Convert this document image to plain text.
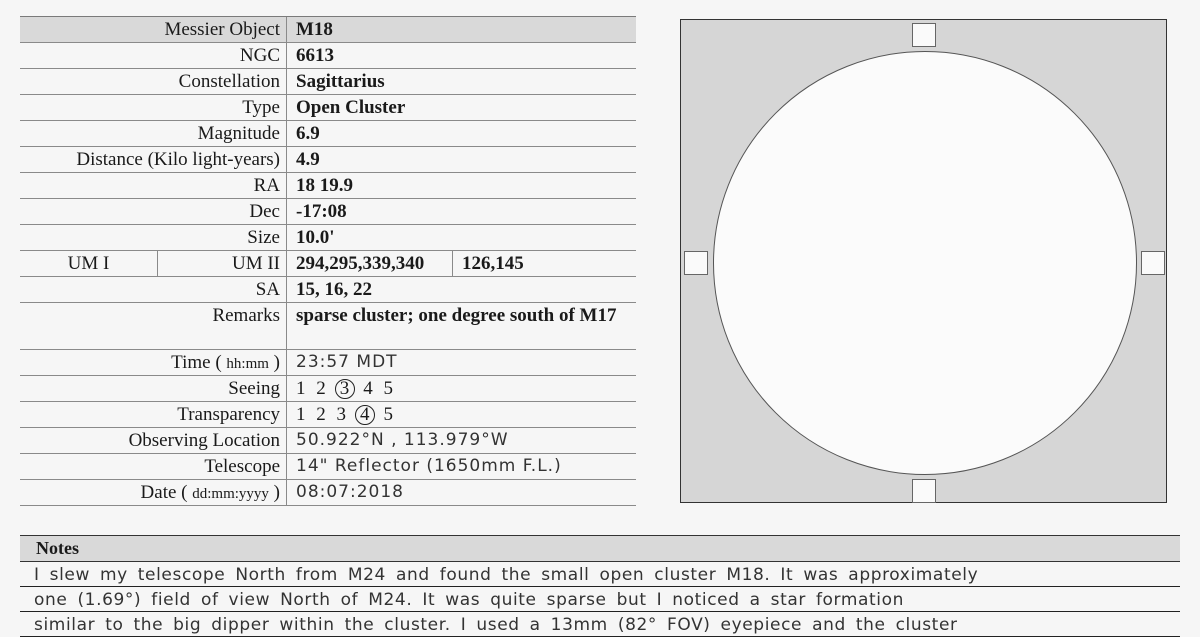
Messier Object M18
NGC 6613
Constellation Sagittarius
Type Open Cluster
Magnitude 6.9
Distance (Kilo light-years) 4.9
RA 18 19.9
Dec -17:08
Size 10.0'
UM I	UM II 294,295,339,340	126,145
SA 15, 16, 22
Remarks sparse cluster; one degree south of M17
Time ( hh:mm ) 23:57 MDT
Seeing 1 2 3 4 5
Transparency 1 2 3 4 5
Observing Location 50.922°N , 113.979°W
Telescope 14" Reflector (1650mm F.L.)
Date ( dd:mm:yyyy ) 08:07:2018
Notes
I slew my telescope North from M24 and found the small open cluster M18. It was approximately
one (1.69°) field of view North of M24. It was quite sparse but I noticed a star formation
similar to the big dipper within the cluster. I used a 13mm (82° FOV) eyepiece and the cluster
